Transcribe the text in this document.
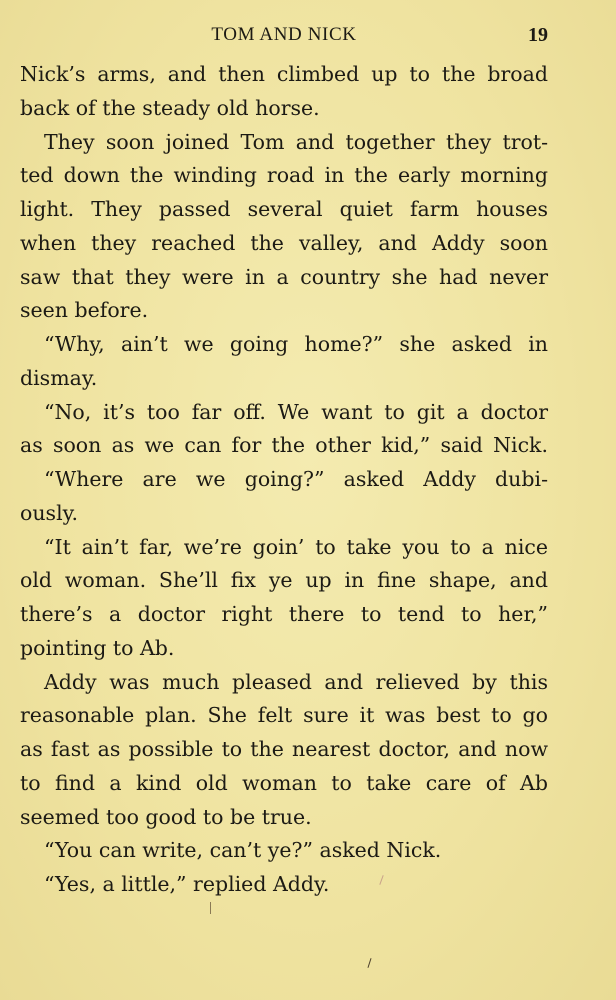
TOM AND NICK	19
Nick’s arms, and then climbed up to the broad
back of the steady old horse.
They soon joined Tom and together they trot-
ted down the winding road in the early morning
light. They passed several quiet farm houses
when they reached the valley, and Addy soon
saw that they were in a country she had never
seen before.
“Why, ain’t we going home?” she asked in
dismay.
“No, it’s too far off. We want to git a doctor
as soon as we can for the other kid,” said Nick.
“Where are we going?” asked Addy dubi-
ously.
“It ain’t far, we’re goin’ to take you to a nice
old woman. She’ll fix ye up in fine shape, and
there’s a doctor right there to tend to her,”
pointing to Ab.
Addy was much pleased and relieved by this
reasonable plan. She felt sure it was best to go
as fast as possible to the nearest doctor, and now
to find a kind old woman to take care of Ab
seemed too good to be true.
“You can write, can’t ye?” asked Nick.
“Yes, a little,” replied Addy.
